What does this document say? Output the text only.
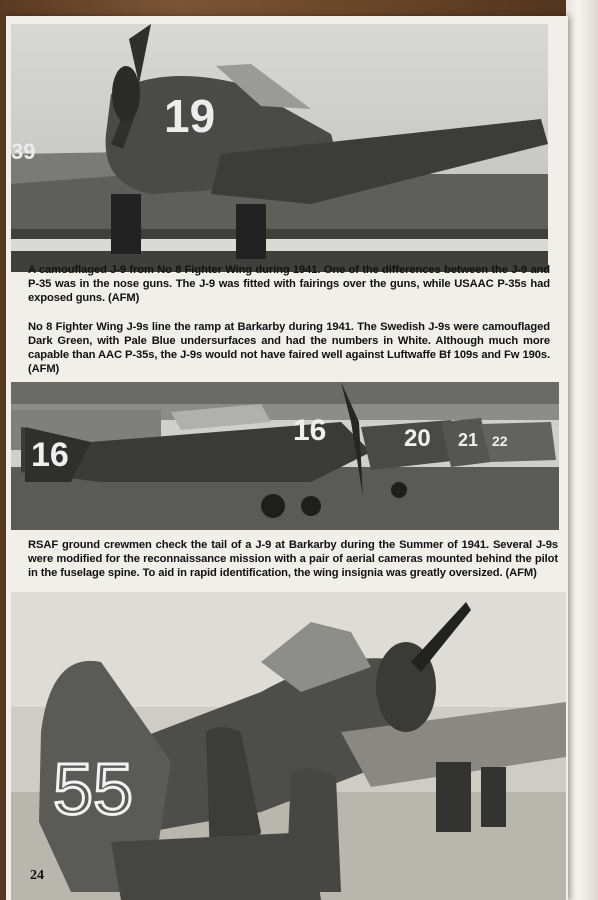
19
39
A camouflaged J-9 from No 8 Fighter Wing during 1941. One of the differences between the J-9 and P-35 was in the nose guns. The J-9 was fitted with fairings over the guns, while USAAC P-35s had exposed guns. (AFM)
No 8 Fighter Wing J-9s line the ramp at Barkarby during 1941. The Swedish J-9s were camouflaged Dark Green, with Pale Blue undersurfaces and had the numbers in White. Although much more capable than AAC P-35s, the J-9s would not have faired well against Luftwaffe Bf 109s and Fw 190s. (AFM)
16
16	20 21 22
RSAF ground crewmen check the tail of a J-9 at Barkarby during the Summer of 1941. Several J-9s were modified for the reconnaissance mission with a pair of aerial cameras mounted behind the pilot in the fuselage spine. To aid in rapid identification, the wing insignia was greatly oversized. (AFM)
55
24
